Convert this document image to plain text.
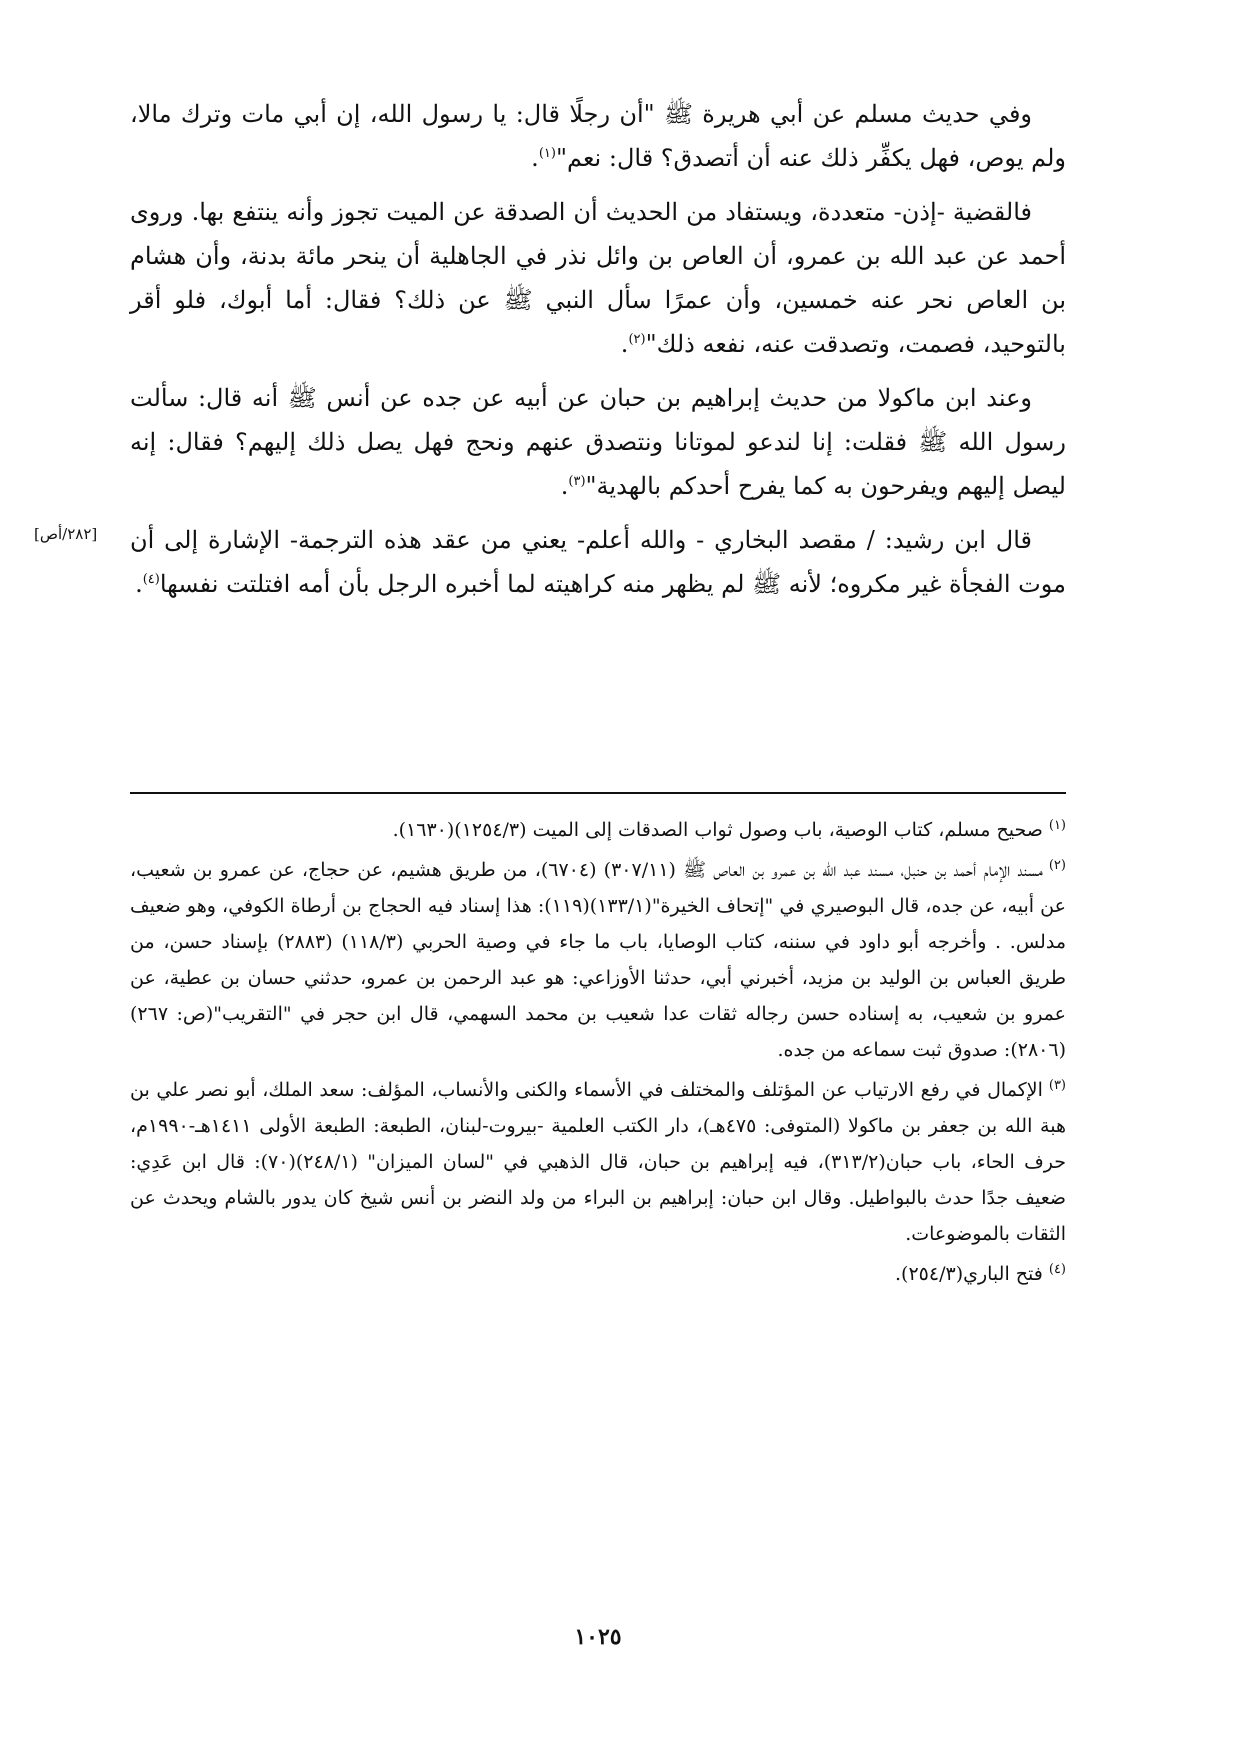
وفي حديث مسلم عن أبي هريرة ﷺ "أن رجلًا قال: يا رسول الله، إن أبي مات وترك مالا، ولم يوص، فهل يكفِّر ذلك عنه أن أتصدق؟ قال: نعم"$^{(١)}$.

فالقضية -إذن- متعددة، ويستفاد من الحديث أن الصدقة عن الميت تجوز وأنه ينتفع بها. وروى أحمد عن عبد الله بن عمرو، أن العاص بن وائل نذر في الجاهلية أن ينحر مائة بدنة، وأن هشام بن العاص نحر عنه خمسين، وأن عمرًا سأل النبي ﷺ عن ذلك؟ فقال: أما أبوك، فلو أقر بالتوحيد، فصمت، وتصدقت عنه، نفعه ذلك"$^{(٢)}$.

وعند ابن ماكولا من حديث إبراهيم بن حبان عن أبيه عن جده عن أنس ﷺ أنه قال: سألت رسول الله ﷺ فقلت: إنا لندعو لموتانا ونتصدق عنهم ونحج فهل يصل ذلك إليهم؟ فقال: إنه ليصل إليهم ويفرحون به كما يفرح أحدكم بالهدية"$^{(٣)}$.

[٢٨٢/أص] قال ابن رشيد: / مقصد البخاري - والله أعلم- يعني من عقد هذه الترجمة- الإشارة إلى أن موت الفجأة غير مكروه؛ لأنه ﷺ لم يظهر منه كراهيته لما أخبره الرجل بأن أمه افتلتت نفسها$^{(٤)}$.

$^{(١)}$صحيح مسلم، كتاب الوصية، باب وصول ثواب الصدقات إلى الميت (١٢٥٤/٣)(١٦٣٠).

$^{(٢)}$مسند الإمام أحمد بن حنبل، مسند عبد الله بن عمرو بن العاص ﷺ (٣٠٧/١١) (٦٧٠٤)، من طريق هشيم، عن حجاج، عن عمرو بن شعيب، عن أبيه، عن جده، قال البوصيري في "إتحاف الخيرة"(١٣٣/١)(١١٩): هذا إسناد فيه الحجاج بن أرطاة الكوفي، وهو ضعيف مدلس. . وأخرجه أبو داود في سننه، كتاب الوصايا، باب ما جاء في وصية الحربي (١١٨/٣) (٢٨٨٣) بإسناد حسن، من طريق العباس بن الوليد بن مزيد، أخبرني أبي، حدثنا الأوزاعي: هو عبد الرحمن بن عمرو، حدثني حسان بن عطية، عن عمرو بن شعيب، به إسناده حسن رجاله ثقات عدا شعيب بن محمد السهمي، قال ابن حجر في "التقريب"(ص: ٢٦٧)(٢٨٠٦): صدوق ثبت سماعه من جده.

$^{(٣)}$الإكمال في رفع الارتياب عن المؤتلف والمختلف في الأسماء والكنى والأنساب، المؤلف: سعد الملك، أبو نصر علي بن هبة الله بن جعفر بن ماكولا (المتوفى: ٤٧٥هـ)، دار الكتب العلمية -بيروت-لبنان، الطبعة: الطبعة الأولى ١٤١١هـ-١٩٩٠م، حرف الحاء، باب حبان(٣١٣/٢)، فيه إبراهيم بن حبان، قال الذهبي في "لسان الميزان" (٢٤٨/١)(٧٠): قال ابن عَدِي: ضعيف جدًا حدث بالبواطيل. وقال ابن حبان: إبراهيم بن البراء من ولد النضر بن أنس شيخ كان يدور بالشام ويحدث عن الثقات بالموضوعات.

$^{(٤)}$فتح الباري(٢٥٤/٣).

١٠٢٥
